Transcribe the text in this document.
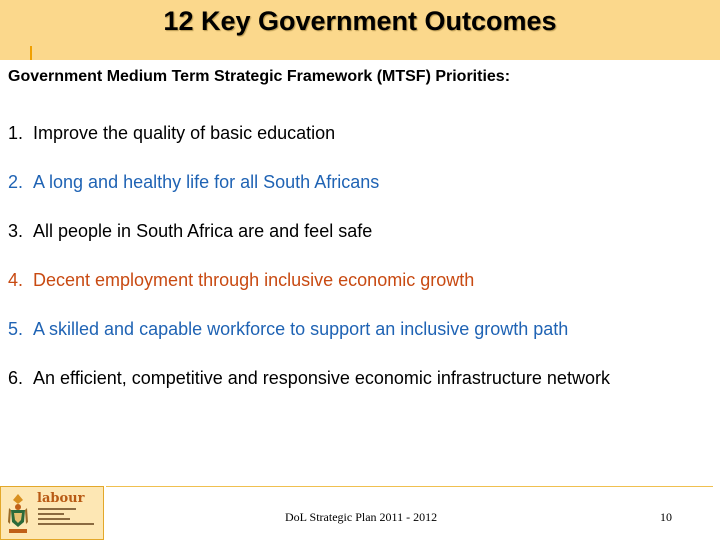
12 Key Government Outcomes
Government Medium Term Strategic Framework (MTSF) Priorities:
1. Improve the quality of basic education
2. A long and healthy life for all South Africans
3. All people in South Africa are and feel safe
4. Decent employment through inclusive economic growth
5. A skilled and capable workforce to support an inclusive growth path
6. An efficient, competitive and responsive economic infrastructure network
labour
DoL Strategic Plan 2011 - 2012	10
